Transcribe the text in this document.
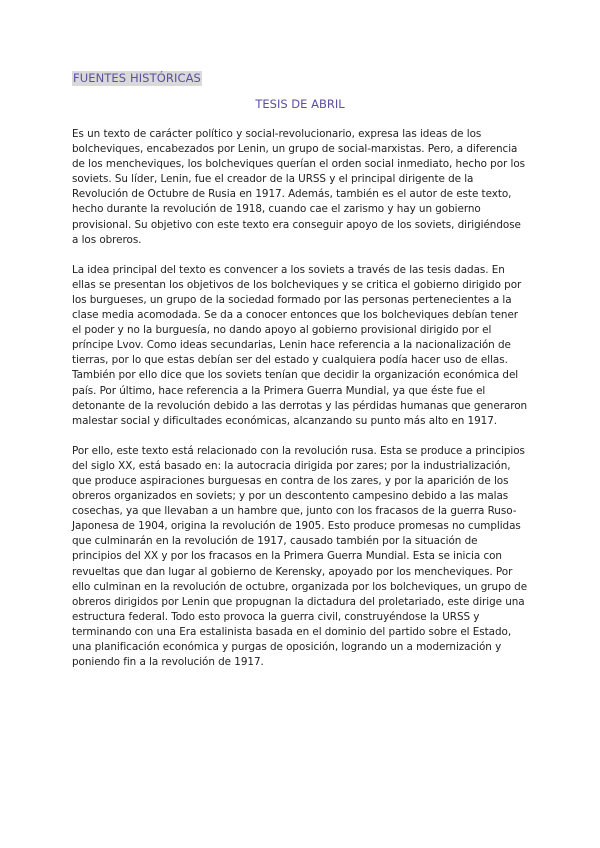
FUENTES HISTÓRICAS
TESIS DE ABRIL

Es un texto de carácter político y social-revolucionario, expresa las ideas de los bolcheviques, encabezados por Lenin, un grupo de social-marxistas. Pero, a diferencia de los mencheviques, los bolcheviques querían el orden social inmediato, hecho por los soviets. Su líder, Lenin, fue el creador de la URSS y el principal dirigente de la Revolución de Octubre de Rusia en 1917. Además, también es el autor de este texto, hecho durante la revolución de 1918, cuando cae el zarismo y hay un gobierno provisional. Su objetivo con este texto era conseguir apoyo de los soviets, dirigiéndose a los obreros.

La idea principal del texto es convencer a los soviets a través de las tesis dadas. En ellas se presentan los objetivos de los bolcheviques y se critica el gobierno dirigido por los burgueses, un grupo de la sociedad formado por las personas pertenecientes a la clase media acomodada. Se da a conocer entonces que los bolcheviques debían tener el poder y no la burguesía, no dando apoyo al gobierno provisional dirigido por el príncipe Lvov. Como ideas secundarias, Lenin hace referencia a la nacionalización de tierras, por lo que estas debían ser del estado y cualquiera podía hacer uso de ellas. También por ello dice que los soviets tenían que decidir la organización económica del país. Por último, hace referencia a la Primera Guerra Mundial, ya que éste fue el detonante de la revolución debido a las derrotas y las pérdidas humanas que generaron malestar social y dificultades económicas, alcanzando su punto más alto en 1917.

Por ello, este texto está relacionado con la revolución rusa. Esta se produce a principios del siglo XX, está basado en: la autocracia dirigida por zares; por la industrialización, que produce aspiraciones burguesas en contra de los zares, y por la aparición de los obreros organizados en soviets; y por un descontento campesino debido a las malas cosechas, ya que llevaban a un hambre que, junto con los fracasos de la guerra Ruso-Japonesa de 1904, origina la revolución de 1905. Esto produce promesas no cumplidas que culminarán en la revolución de 1917, causado también por la situación de principios del XX y por los fracasos en la Primera Guerra Mundial. Esta se inicia con revueltas que dan lugar al gobierno de Kerensky, apoyado por los mencheviques. Por ello culminan en la revolución de octubre, organizada por los bolcheviques, un grupo de obreros dirigidos por Lenin que propugnan la dictadura del proletariado, este dirige una estructura federal. Todo esto provoca la guerra civil, construyéndose la URSS y terminando con una Era estalinista basada en el dominio del partido sobre el Estado, una planificación económica y purgas de oposición, logrando un a modernización y poniendo fin a la revolución de 1917.
